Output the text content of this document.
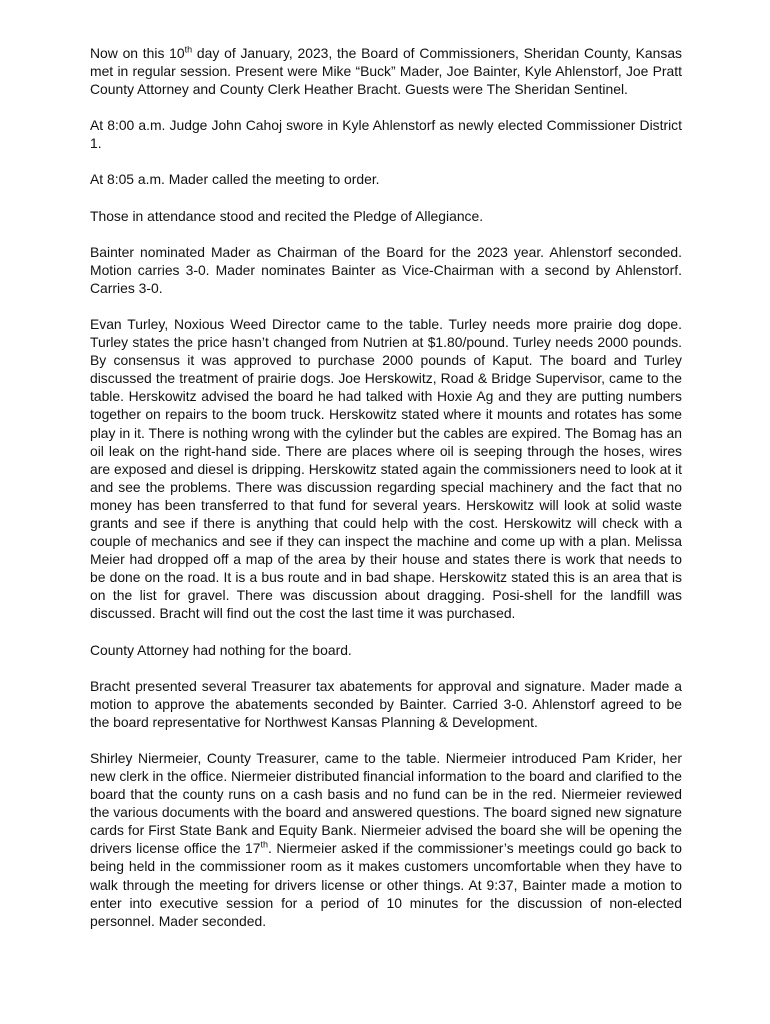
Now on this 10th day of January, 2023, the Board of Commissioners, Sheridan County, Kansas met in regular session. Present were Mike “Buck” Mader, Joe Bainter, Kyle Ahlenstorf, Joe Pratt County Attorney and County Clerk Heather Bracht. Guests were The Sheridan Sentinel.

At 8:00 a.m. Judge John Cahoj swore in Kyle Ahlenstorf as newly elected Commissioner District 1.

At 8:05 a.m. Mader called the meeting to order.

Those in attendance stood and recited the Pledge of Allegiance.

Bainter nominated Mader as Chairman of the Board for the 2023 year. Ahlenstorf seconded. Motion carries 3-0. Mader nominates Bainter as Vice-Chairman with a second by Ahlenstorf. Carries 3-0.

Evan Turley, Noxious Weed Director came to the table. Turley needs more prairie dog dope. Turley states the price hasn’t changed from Nutrien at $1.80/pound. Turley needs 2000 pounds. By consensus it was approved to purchase 2000 pounds of Kaput. The board and Turley discussed the treatment of prairie dogs. Joe Herskowitz, Road & Bridge Supervisor, came to the table. Herskowitz advised the board he had talked with Hoxie Ag and they are putting numbers together on repairs to the boom truck. Herskowitz stated where it mounts and rotates has some play in it. There is nothing wrong with the cylinder but the cables are expired. The Bomag has an oil leak on the right-hand side. There are places where oil is seeping through the hoses, wires are exposed and diesel is dripping. Herskowitz stated again the commissioners need to look at it and see the problems. There was discussion regarding special machinery and the fact that no money has been transferred to that fund for several years. Herskowitz will look at solid waste grants and see if there is anything that could help with the cost. Herskowitz will check with a couple of mechanics and see if they can inspect the machine and come up with a plan. Melissa Meier had dropped off a map of the area by their house and states there is work that needs to be done on the road. It is a bus route and in bad shape. Herskowitz stated this is an area that is on the list for gravel. There was discussion about dragging. Posi-shell for the landfill was discussed. Bracht will find out the cost the last time it was purchased.

County Attorney had nothing for the board.

Bracht presented several Treasurer tax abatements for approval and signature. Mader made a motion to approve the abatements seconded by Bainter. Carried 3-0. Ahlenstorf agreed to be the board representative for Northwest Kansas Planning & Development.

Shirley Niermeier, County Treasurer, came to the table. Niermeier introduced Pam Krider, her new clerk in the office. Niermeier distributed financial information to the board and clarified to the board that the county runs on a cash basis and no fund can be in the red. Niermeier reviewed the various documents with the board and answered questions. The board signed new signature cards for First State Bank and Equity Bank. Niermeier advised the board she will be opening the drivers license office the 17th. Niermeier asked if the commissioner’s meetings could go back to being held in the commissioner room as it makes customers uncomfortable when they have to walk through the meeting for drivers license or other things. At 9:37, Bainter made a motion to enter into executive session for a period of 10 minutes for the discussion of non-elected personnel. Mader seconded.
